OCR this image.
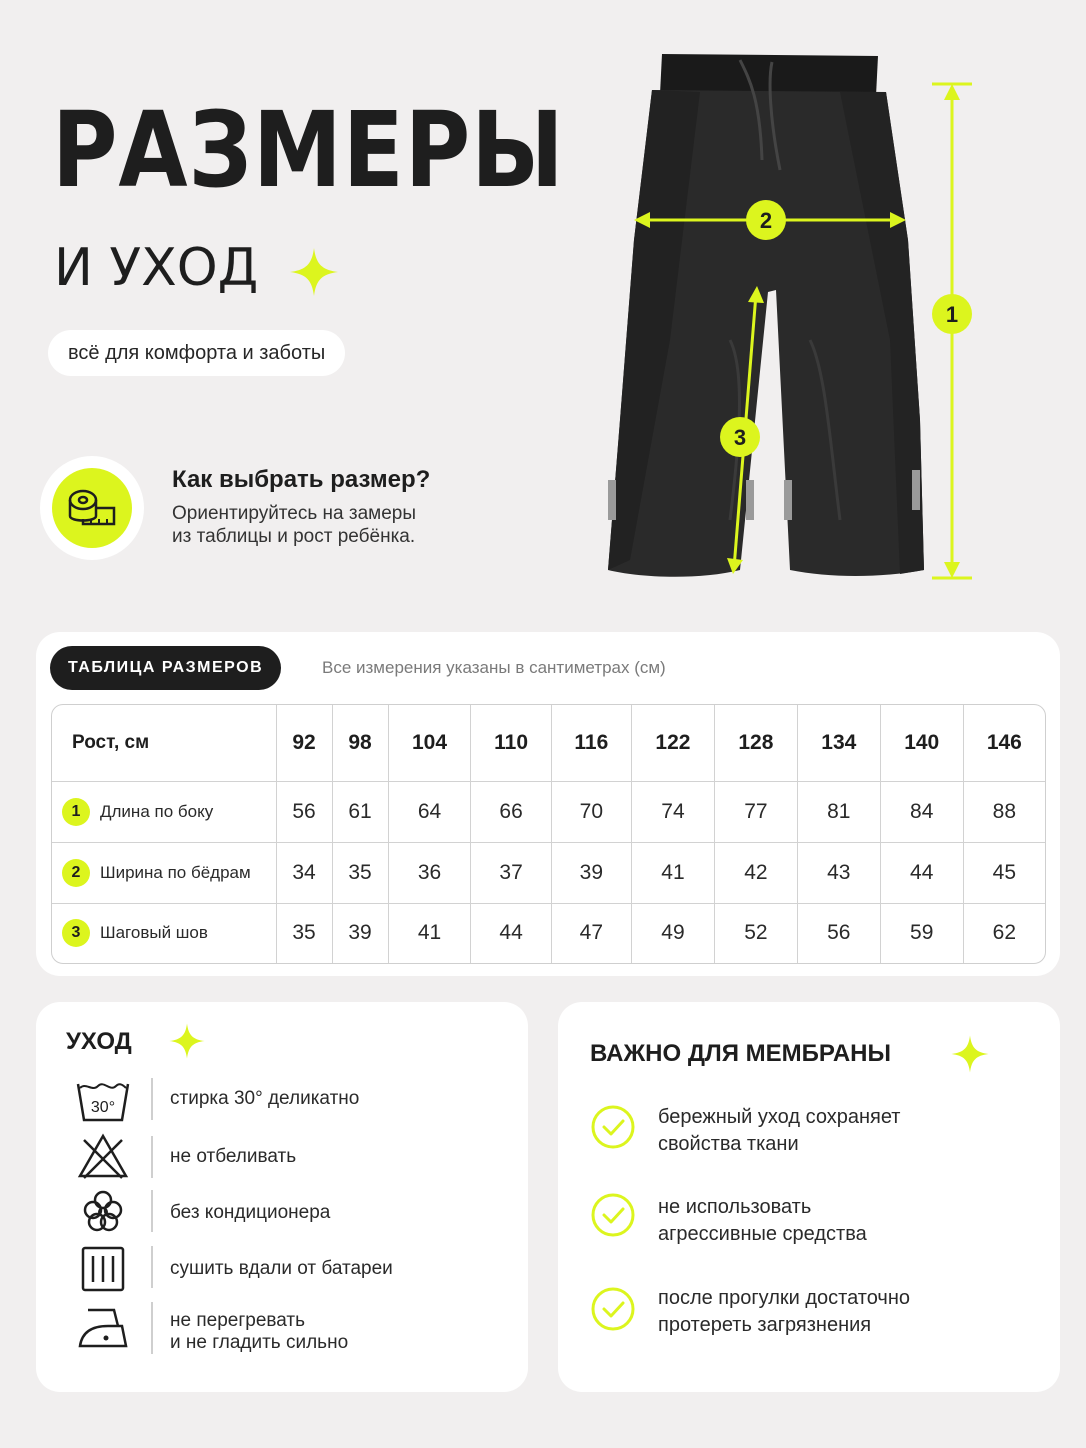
РАЗМЕРЫ
И УХОД
всё для комфорта и заботы
Как выбрать размер?
Ориентируйтесь на замеры
из таблицы и рост ребёнка.
1
2
3
ТАБЛИЦА РАЗМЕРОВ	Все измерения указаны в сантиметрах (см)
Рост, см	92	98	104	110	116	122	128	134	140	146
1 Длина по боку	56	61	64	66	70	74	77	81	84	88
2 Ширина по бёдрам	34	35	36	37	39	41	42	43	44	45
3 Шаговый шов	35	39	41	44	47	49	52	56	59	62
УХОД
30°	стирка 30° деликатно
не отбеливать
без кондиционера
сушить вдали от батареи
не перегревать
и не гладить сильно
ВАЖНО ДЛЯ МЕМБРАНЫ
бережный уход сохраняет
свойства ткани
не использовать
агрессивные средства
после прогулки достаточно
протереть загрязнения
